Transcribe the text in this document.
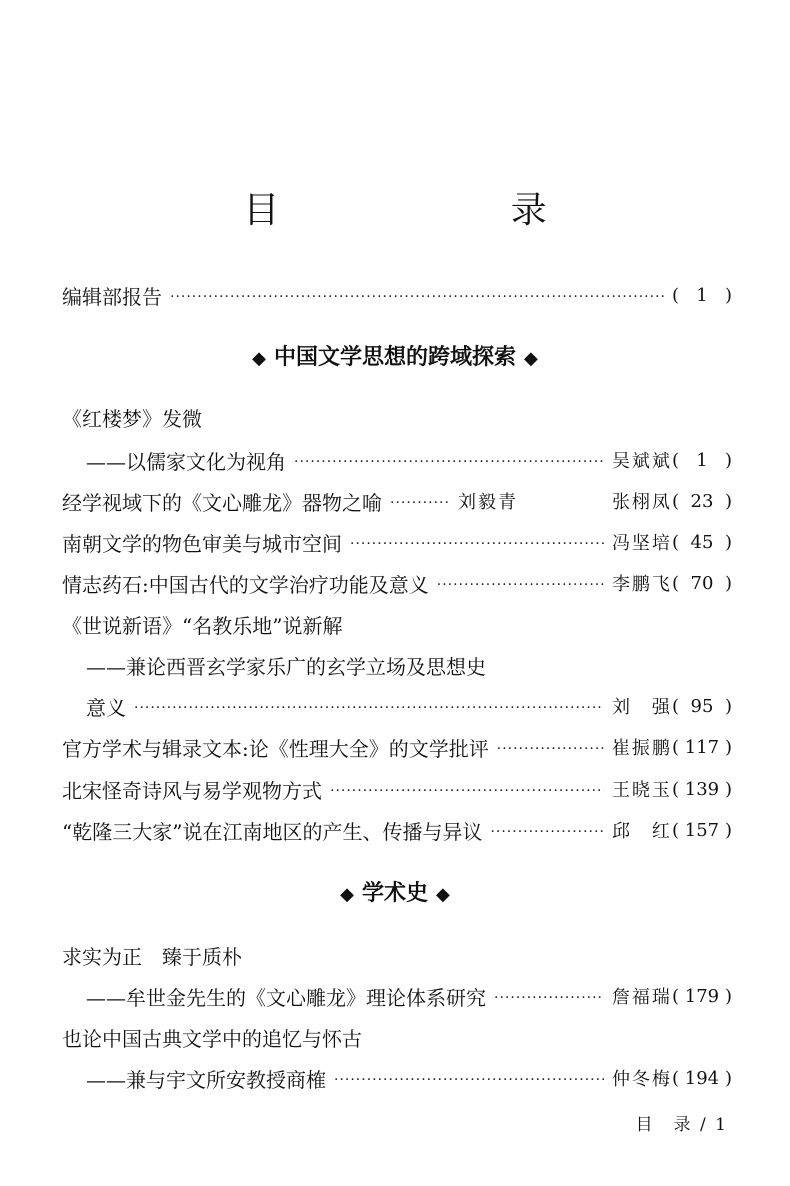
目 录
编辑部报告 ·····	( 1 )
◆ 中国文学思想的跨域探索 ◆
《红楼梦》发微
——以儒家文化为视角 ·····	吴斌斌 ( 1 )
经学视域下的《文心雕龙》器物之喻 ·····	刘毅青	张栩凤 ( 23 )
南朝文学的物色审美与城市空间 ·····	冯坚培 ( 45 )
情志药石:中国古代的文学治疗功能及意义 ·····	李鹏飞 ( 70 )
《世说新语》“名教乐地”说新解
——兼论西晋玄学家乐广的玄学立场及思想史
意义 ·····	刘　强 ( 95 )
官方学术与辑录文本:论《性理大全》的文学批评 ·····	崔振鹏 ( 117 )
北宋怪奇诗风与易学观物方式 ·····	王晓玉 ( 139 )
“乾隆三大家”说在江南地区的产生、传播与异议 ·····	邱　红 ( 157 )
◆ 学术史 ◆
求实为正　臻于质朴
——牟世金先生的《文心雕龙》理论体系研究 ·····	詹福瑞 ( 179 )
也论中国古典文学中的追忆与怀古
——兼与宇文所安教授商榷 ·····	仲冬梅 ( 194 )
目　录 / 1
